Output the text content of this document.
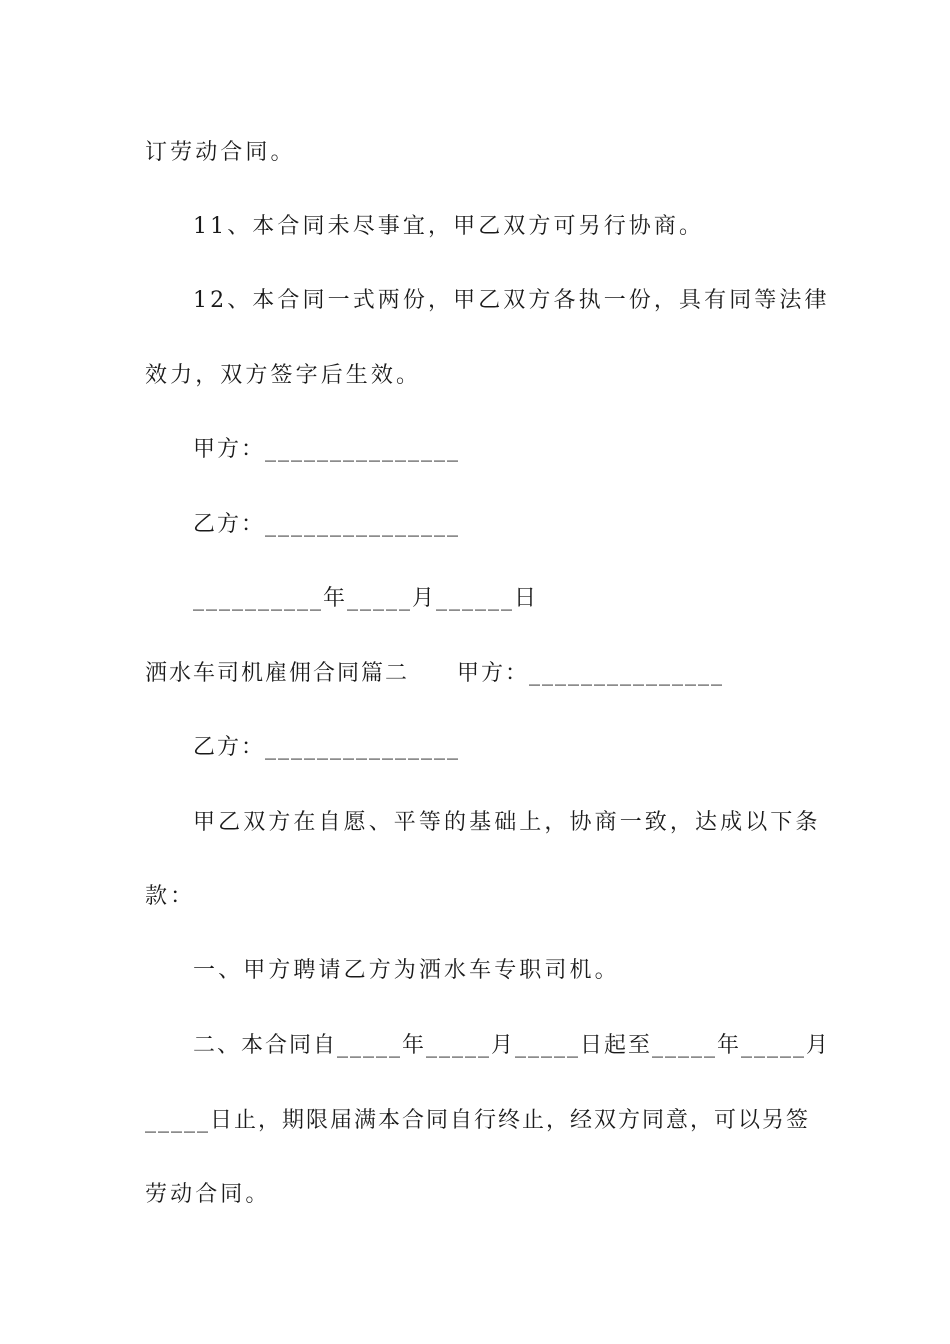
订劳动合同。
11、本合同未尽事宜，甲乙双方可另行协商。
12、本合同一式两份，甲乙双方各执一份，具有同等法律
效力，双方签字后生效。
甲方：_______________
乙方：_______________
__________年_____月______日
洒水车司机雇佣合同篇二　　甲方：_______________
乙方：_______________
甲乙双方在自愿、平等的基础上，协商一致，达成以下条
款：
一、甲方聘请乙方为洒水车专职司机。
二、本合同自_____年_____月_____日起至_____年_____月
_____日止，期限届满本合同自行终止，经双方同意，可以另签
劳动合同。
